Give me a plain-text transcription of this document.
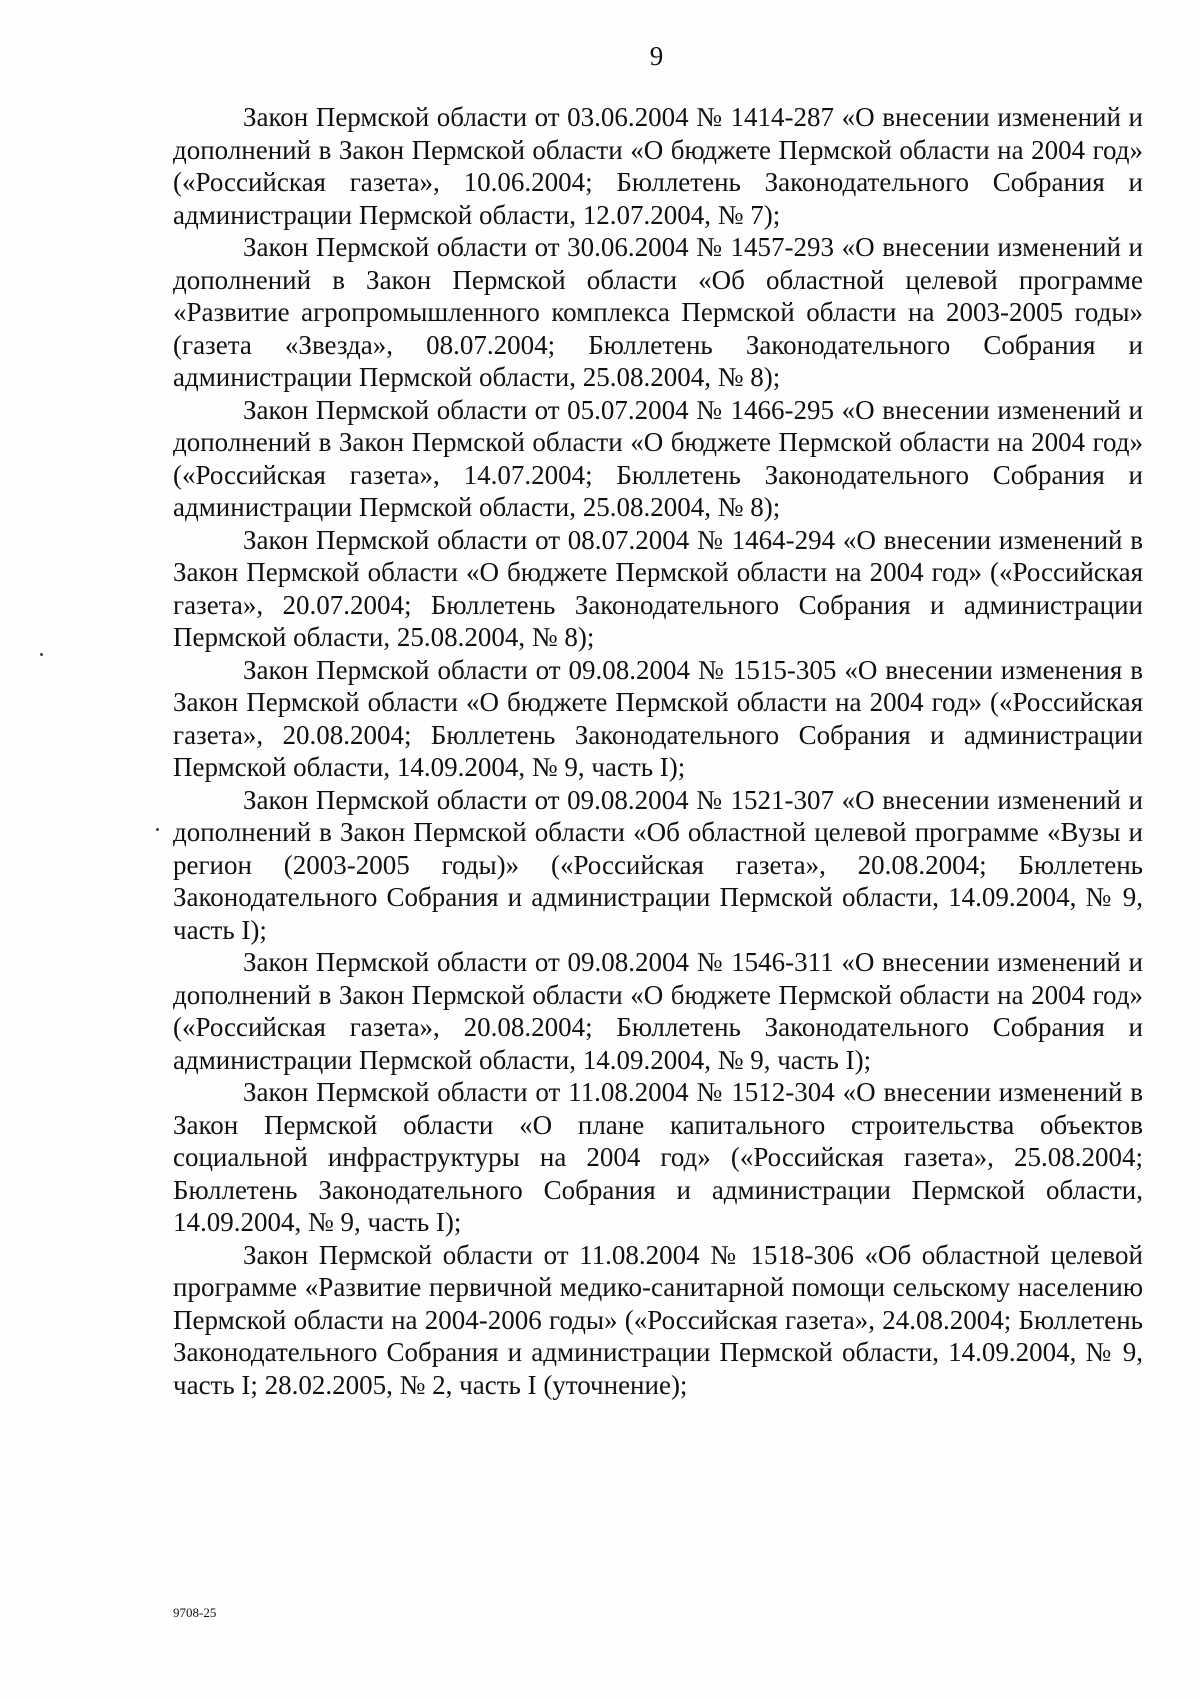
9

Закон Пермской области от 03.06.2004 № 1414-287 «О внесении изменений и дополнений в Закон Пермской области «О бюджете Пермской области на 2004 год» («Российская газета», 10.06.2004; Бюллетень Законодательного Собрания и администрации Пермской области, 12.07.2004, № 7);

Закон Пермской области от 30.06.2004 № 1457-293 «О внесении изменений и дополнений в Закон Пермской области «Об областной целевой программе «Развитие агропромышленного комплекса Пермской области на 2003-2005 годы» (газета «Звезда», 08.07.2004; Бюллетень Законодательного Собрания и администрации Пермской области, 25.08.2004, № 8);

Закон Пермской области от 05.07.2004 № 1466-295 «О внесении изменений и дополнений в Закон Пермской области «О бюджете Пермской области на 2004 год» («Российская газета», 14.07.2004; Бюллетень Законодательного Собрания и администрации Пермской области, 25.08.2004, № 8);

Закон Пермской области от 08.07.2004 № 1464-294 «О внесении изменений в Закон Пермской области «О бюджете Пермской области на 2004 год» («Российская газета», 20.07.2004; Бюллетень Законодательного Собрания и администрации Пермской области, 25.08.2004, № 8);

Закон Пермской области от 09.08.2004 № 1515-305 «О внесении изменения в Закон Пермской области «О бюджете Пермской области на 2004 год» («Российская газета», 20.08.2004; Бюллетень Законодательного Собрания и администрации Пермской области, 14.09.2004, № 9, часть I);

Закон Пермской области от 09.08.2004 № 1521-307 «О внесении изменений и дополнений в Закон Пермской области «Об областной целевой программе «Вузы и регион (2003-2005 годы)» («Российская газета», 20.08.2004; Бюллетень Законодательного Собрания и администрации Пермской области, 14.09.2004, № 9, часть I);

Закон Пермской области от 09.08.2004 № 1546-311 «О внесении изменений и дополнений в Закон Пермской области «О бюджете Пермской области на 2004 год» («Российская газета», 20.08.2004; Бюллетень Законодательного Собрания и администрации Пермской области, 14.09.2004, № 9, часть I);

Закон Пермской области от 11.08.2004 № 1512-304 «О внесении изменений в Закон Пермской области «О плане капитального строительства объектов социальной инфраструктуры на 2004 год» («Российская газета», 25.08.2004; Бюллетень Законодательного Собрания и администрации Пермской области, 14.09.2004, № 9, часть I);

Закон Пермской области от 11.08.2004 № 1518-306 «Об областной целевой программе «Развитие первичной медико-санитарной помощи сельскому населению Пермской области на 2004-2006 годы» («Российская газета», 24.08.2004; Бюллетень Законодательного Собрания и администрации Пермской области, 14.09.2004, № 9, часть I; 28.02.2005, № 2, часть I (уточнение);

9708-25
